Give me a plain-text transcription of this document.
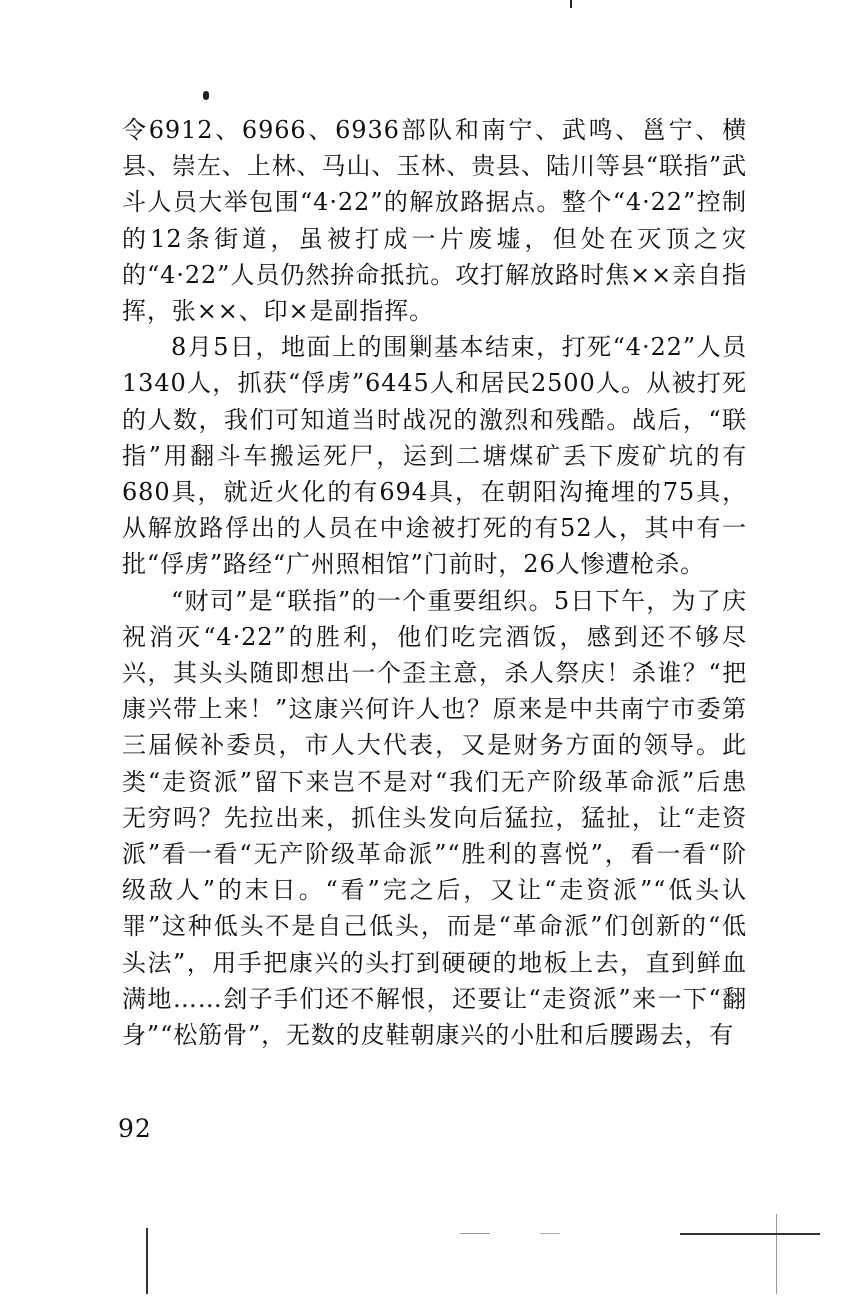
令6912、6966、6936部队和南宁、武鸣、邕宁、横县、崇左、上林、马山、玉林、贵县、陆川等县“联指”武斗人员大举包围“4·22”的解放路据点。整个“4·22”控制的12条街道，虽被打成一片废墟，但处在灭顶之灾的“4·22”人员仍然拚命抵抗。攻打解放路时焦××亲自指挥，张××、印×是副指挥。

8月5日，地面上的围剿基本结束，打死“4·22”人员1340人，抓获“俘虏”6445人和居民2500人。从被打死的人数，我们可知道当时战况的激烈和残酷。战后，“联指”用翻斗车搬运死尸，运到二塘煤矿丢下废矿坑的有680具，就近火化的有694具，在朝阳沟掩埋的75具，从解放路俘出的人员在中途被打死的有52人，其中有一批“俘虏”路经“广州照相馆”门前时，26人惨遭枪杀。

“财司”是“联指”的一个重要组织。5日下午，为了庆祝消灭“4·22”的胜利，他们吃完酒饭，感到还不够尽兴，其头头随即想出一个歪主意，杀人祭庆！杀谁？“把康兴带上来！”这康兴何许人也？原来是中共南宁市委第三届候补委员，市人大代表，又是财务方面的领导。此类“走资派”留下来岂不是对“我们无产阶级革命派”后患无穷吗？先拉出来，抓住头发向后猛拉，猛扯，让“走资派”看一看“无产阶级革命派”“胜利的喜悦”，看一看“阶级敌人”的末日。“看”完之后，又让“走资派”“低头认罪”这种低头不是自己低头，而是“革命派”们创新的“低头法”，用手把康兴的头打到硬硬的地板上去，直到鲜血满地……刽子手们还不解恨，还要让“走资派”来一下“翻身”“松筋骨”，无数的皮鞋朝康兴的小肚和后腰踢去，有

92
